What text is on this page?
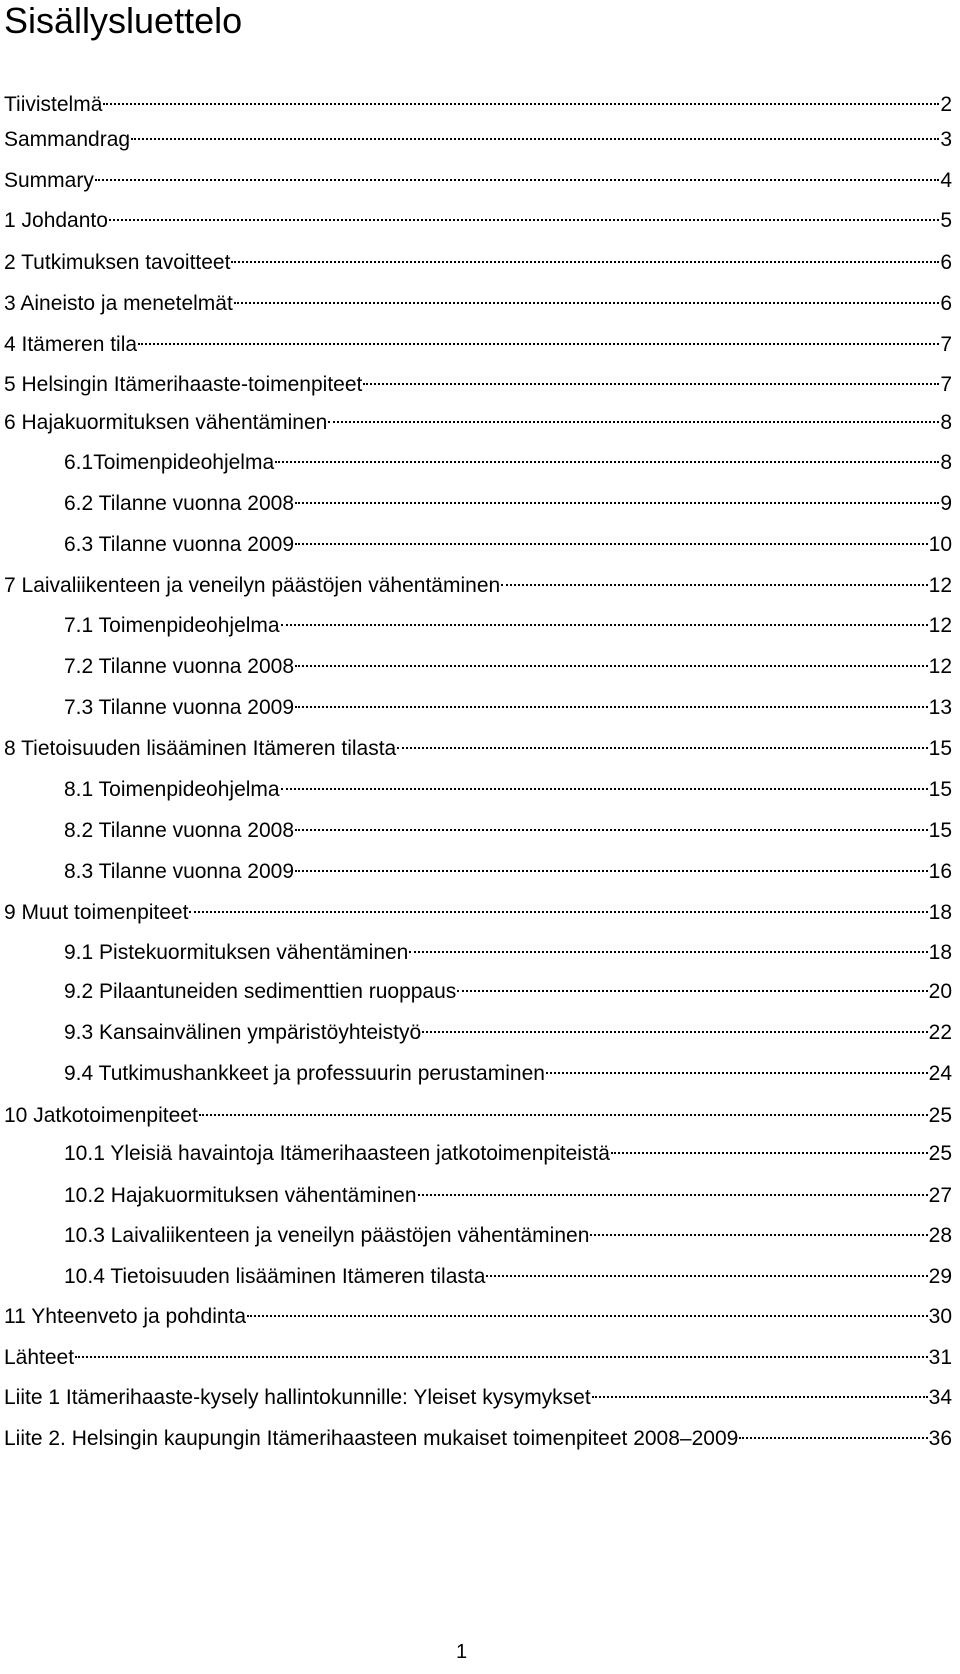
Sisällysluettelo
Tiivistelmä	2
Sammandrag	3
Summary	4
1 Johdanto	5
2 Tutkimuksen tavoitteet	6
3 Aineisto ja menetelmät	6
4 Itämeren tila	7
5 Helsingin Itämerihaaste-toimenpiteet	7
6 Hajakuormituksen vähentäminen	8
6.1Toimenpideohjelma	8
6.2 Tilanne vuonna 2008	9
6.3 Tilanne vuonna 2009	10
7 Laivaliikenteen ja veneilyn päästöjen vähentäminen	12
7.1 Toimenpideohjelma	12
7.2 Tilanne vuonna 2008	12
7.3 Tilanne vuonna 2009	13
8 Tietoisuuden lisääminen Itämeren tilasta	15
8.1 Toimenpideohjelma	15
8.2 Tilanne vuonna 2008	15
8.3 Tilanne vuonna 2009	16
9 Muut toimenpiteet	18
9.1 Pistekuormituksen vähentäminen	18
9.2 Pilaantuneiden sedimenttien ruoppaus	20
9.3 Kansainvälinen ympäristöyhteistyö	22
9.4 Tutkimushankkeet ja professuurin perustaminen	24
10 Jatkotoimenpiteet	25
10.1 Yleisiä havaintoja Itämerihaasteen jatkotoimenpiteistä	25
10.2 Hajakuormituksen vähentäminen	27
10.3 Laivaliikenteen ja veneilyn päästöjen vähentäminen	28
10.4 Tietoisuuden lisääminen Itämeren tilasta	29
11 Yhteenveto ja pohdinta	30
Lähteet	31
Liite 1 Itämerihaaste-kysely hallintokunnille: Yleiset kysymykset	34
Liite 2. Helsingin kaupungin Itämerihaasteen mukaiset toimenpiteet 2008–2009	36
1
